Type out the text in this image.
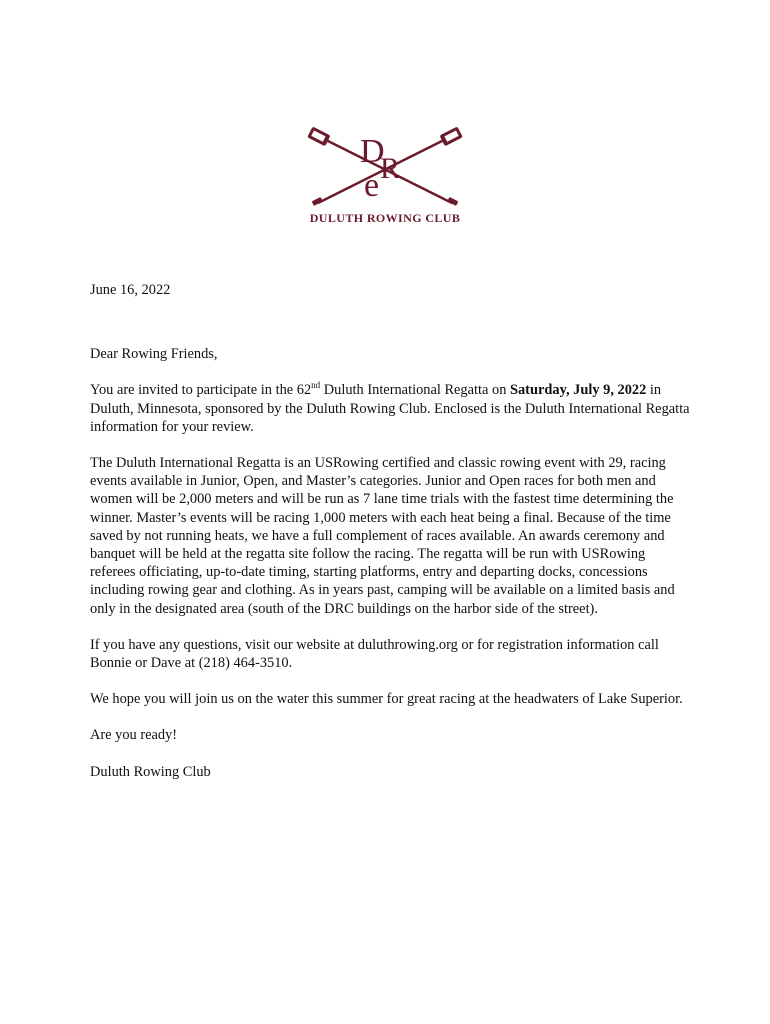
D
R
e
DULUTH ROWING CLUB

June 16, 2022

Dear Rowing Friends,

You are invited to participate in the 62nd Duluth International Regatta on Saturday, July 9, 2022 in Duluth, Minnesota, sponsored by the Duluth Rowing Club. Enclosed is the Duluth International Regatta information for your review.

The Duluth International Regatta is an USRowing certified and classic rowing event with 29, racing events available in Junior, Open, and Master’s categories. Junior and Open races for both men and women will be 2,000 meters and will be run as 7 lane time trials with the fastest time determining the winner. Master’s events will be racing 1,000 meters with each heat being a final. Because of the time saved by not running heats, we have a full complement of races available. An awards ceremony and banquet will be held at the regatta site follow the racing. The regatta will be run with USRowing referees officiating, up-to-date timing, starting platforms, entry and departing docks, concessions including rowing gear and clothing. As in years past, camping will be available on a limited basis and only in the designated area (south of the DRC buildings on the harbor side of the street).

If you have any questions, visit our website at duluthrowing.org or for registration information call Bonnie or Dave at (218) 464-3510.

We hope you will join us on the water this summer for great racing at the headwaters of Lake Superior.

Are you ready!

Duluth Rowing Club
